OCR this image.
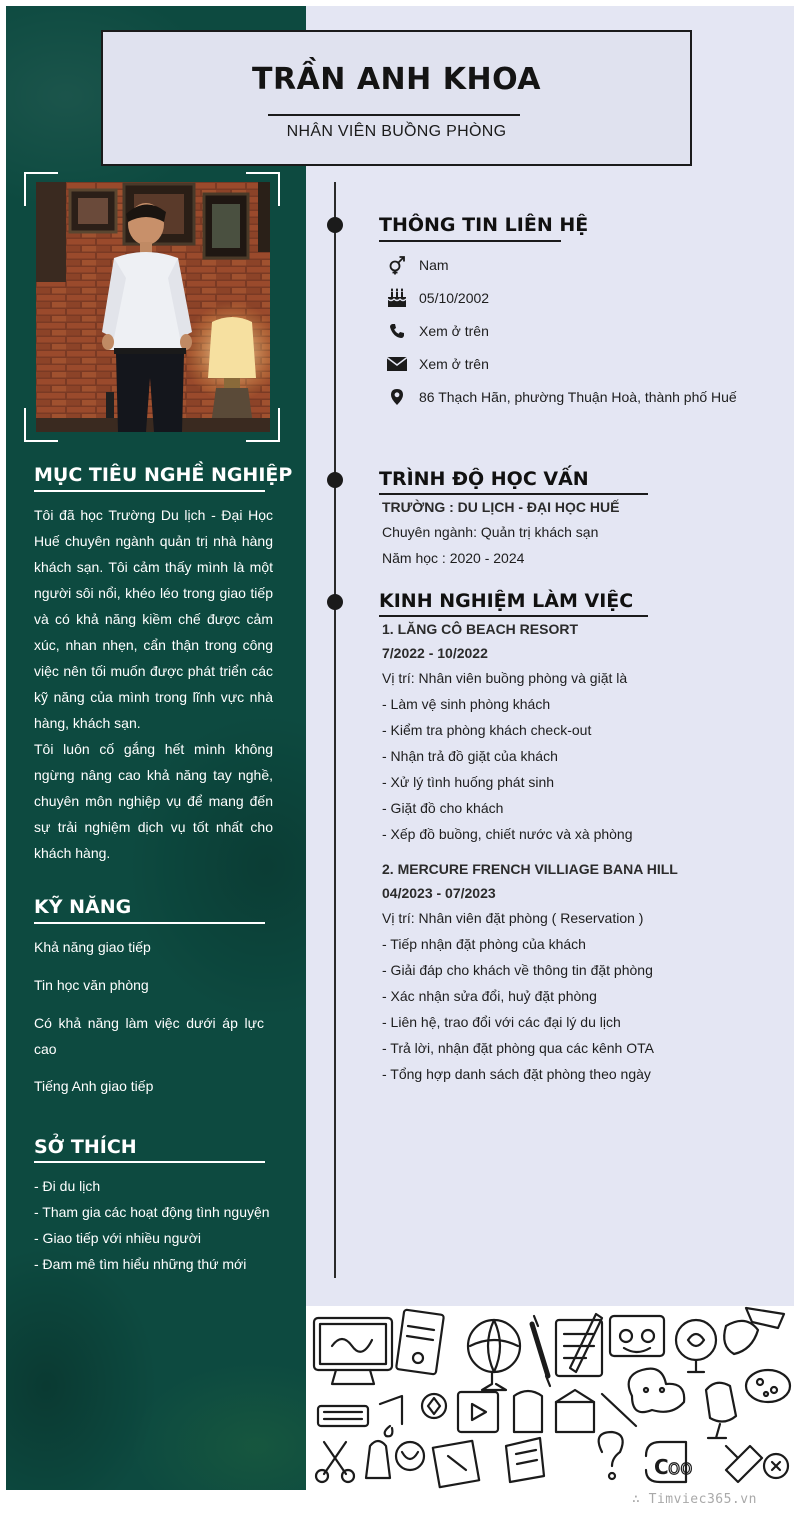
TRẦN ANH KHOA
NHÂN VIÊN BUỒNG PHÒNG
MỤC TIÊU NGHỀ NGHIỆP
Tôi đã học Trường Du lịch - Đại Học
Huế chuyên ngành quản trị nhà hàng
khách sạn. Tôi cảm thấy mình là một
người sôi nổi, khéo léo trong giao tiếp
và có khả năng kiềm chế được cảm
xúc, nhan nhẹn, cẩn thận trong công
việc nên tối muốn được phát triển các
kỹ năng của mình trong lĩnh vực nhà
hàng, khách sạn.
Tôi luôn cố gắng hết mình không
ngừng nâng cao khả năng tay nghề,
chuyên môn nghiệp vụ để mang đến
sự trải nghiệm dịch vụ tốt nhất cho
khách hàng.
KỸ NĂNG
Khả năng giao tiếp
Tin học văn phòng
Có khả năng làm việc dưới áp lực cao
Tiếng Anh giao tiếp
SỞ THÍCH
- Đi du lịch
- Tham gia các hoạt động tình nguyện
- Giao tiếp với nhiều người
- Đam mê tìm hiểu những thứ mới
THÔNG TIN LIÊN HỆ
Nam
05/10/2002
Xem ở trên
Xem ở trên
86 Thạch Hãn, phường Thuận Hoà, thành phố Huế
TRÌNH ĐỘ HỌC VẤN
TRƯỜNG : DU LỊCH - ĐẠI HỌC HUẾ
Chuyên ngành: Quản trị khách sạn
Năm học : 2020 - 2024
KINH NGHIỆM LÀM VIỆC
1. LĂNG CÔ BEACH RESORT
7/2022 - 10/2022
Vị trí: Nhân viên buồng phòng và giặt là
- Làm vệ sinh phòng khách
- Kiểm tra phòng khách check-out
- Nhận trả đồ giặt của khách
- Xử lý tình huống phát sinh
- Giặt đồ cho khách
- Xếp đồ buồng, chiết nước và xà phòng
2. MERCURE FRENCH VILLIAGE BANA HILL
04/2023 - 07/2023
Vị trí: Nhân viên đặt phòng ( Reservation )
- Tiếp nhận đặt phòng của khách
- Giải đáp cho khách về thông tin đặt phòng
- Xác nhận sửa đổi, huỷ đặt phòng
- Liên hệ, trao đổi với các đại lý du lịch
- Trả lời, nhận đặt phòng qua các kênh OTA
- Tổng hợp danh sách đặt phòng theo ngày
C oo
∴ Timviec365.vn
